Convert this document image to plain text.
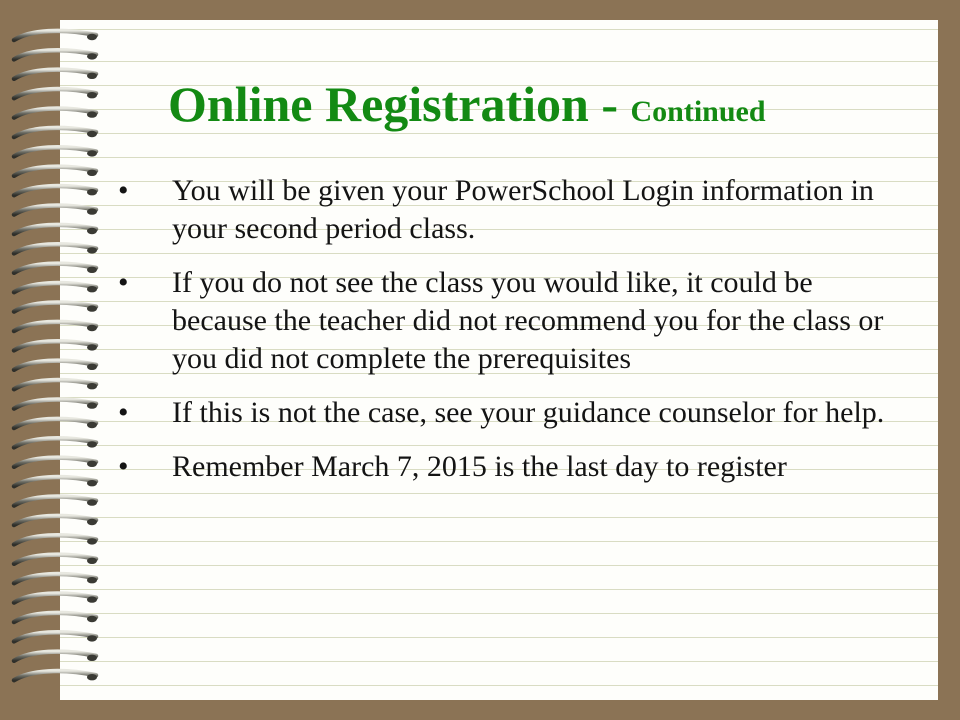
Online Registration - Continued
•	You will be given your PowerSchool Login information in your second period class.
•	If you do not see the class you would like, it could be because the teacher did not recommend you for the class or you did not complete the prerequisites
•	If this is not the case, see your guidance counselor for help.
•	Remember March 7, 2015 is the last day to register
